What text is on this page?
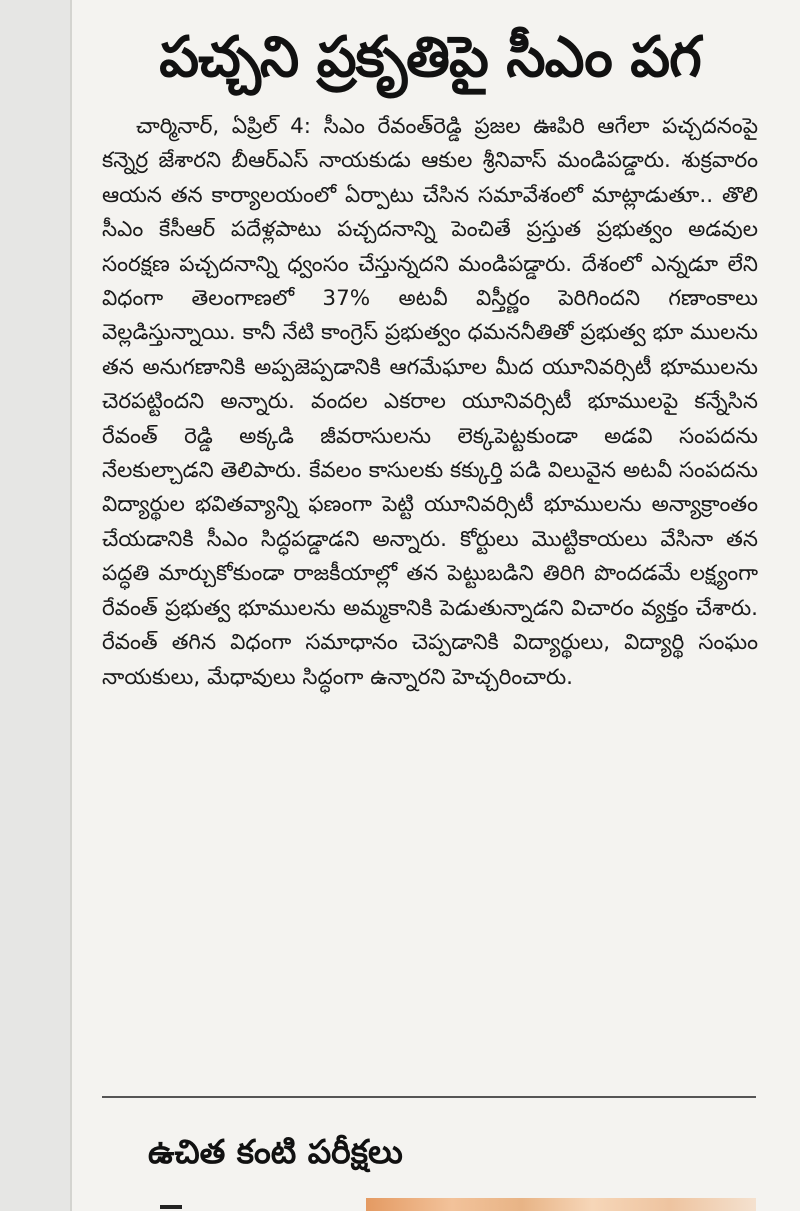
పచ్చని ప్రకృతిపై సీఎం పగ

చార్మినార్, ఏప్రిల్ 4: సీఎం రేవంత్‌రెడ్డి ప్రజల ఊపిరి ఆగేలా పచ్చదనంపై కన్నెర్ర జేశారని బీఆర్ఎస్ నాయకుడు ఆకుల శ్రీనివాస్ మండిపడ్డారు. శుక్రవారం ఆయన తన కార్యాలయంలో ఏర్పాటు చేసిన సమావేశంలో మాట్లాడుతూ.. తొలి సీఎం కేసీఆర్ పదేళ్లపాటు పచ్చదనాన్ని పెంచితే ప్రస్తుత ప్రభుత్వం అడవుల సంరక్షణ పచ్చదనాన్ని ధ్వంసం చేస్తున్నదని మండిపడ్డారు. దేశంలో ఎన్నడూ లేని విధంగా తెలంగాణలో 37% అటవీ విస్తీర్ణం పెరిగిందని గణాంకాలు వెల్లడిస్తున్నాయి. కానీ నేటి కాంగ్రెస్ ప్రభుత్వం ధమననీతితో ప్రభుత్వ భూ ములను తన అనుగణానికి అప్పజెప్పడానికి ఆగమేఘాల మీద యూనివర్సిటీ భూములను చెరపట్టిందని అన్నారు. వందల ఎకరాల యూనివర్సిటీ భూములపై కన్నేసిన రేవంత్ రెడ్డి అక్కడి జీవరాసులను లెక్కపెట్టకుండా అడవి సంపదను నేలకుల్చాడని తెలిపారు. కేవలం కాసులకు కక్కుర్తి పడి విలువైన అటవీ సంపదను విద్యార్థుల భవితవ్యాన్ని ఫణంగా పెట్టి యూనివర్సిటీ భూములను అన్యాక్రాంతం చేయడానికి సీఎం సిద్ధపడ్డాడని అన్నారు. కోర్టులు మొట్టికాయలు వేసినా తన పద్ధతి మార్చుకోకుండా రాజకీయాల్లో తన పెట్టుబడిని తిరిగి పొందడమే లక్ష్యంగా రేవంత్ ప్రభుత్వ భూములను అమ్మకానికి పెడుతున్నాడని విచారం వ్యక్తం చేశారు. రేవంత్ తగిన విధంగా సమాధానం చెప్పడానికి విద్యార్థులు, విద్యార్థి సంఘం నాయకులు, మేధావులు సిద్ధంగా ఉన్నారని హెచ్చరించారు.

ఉచిత కంటి పరీక్షలు
